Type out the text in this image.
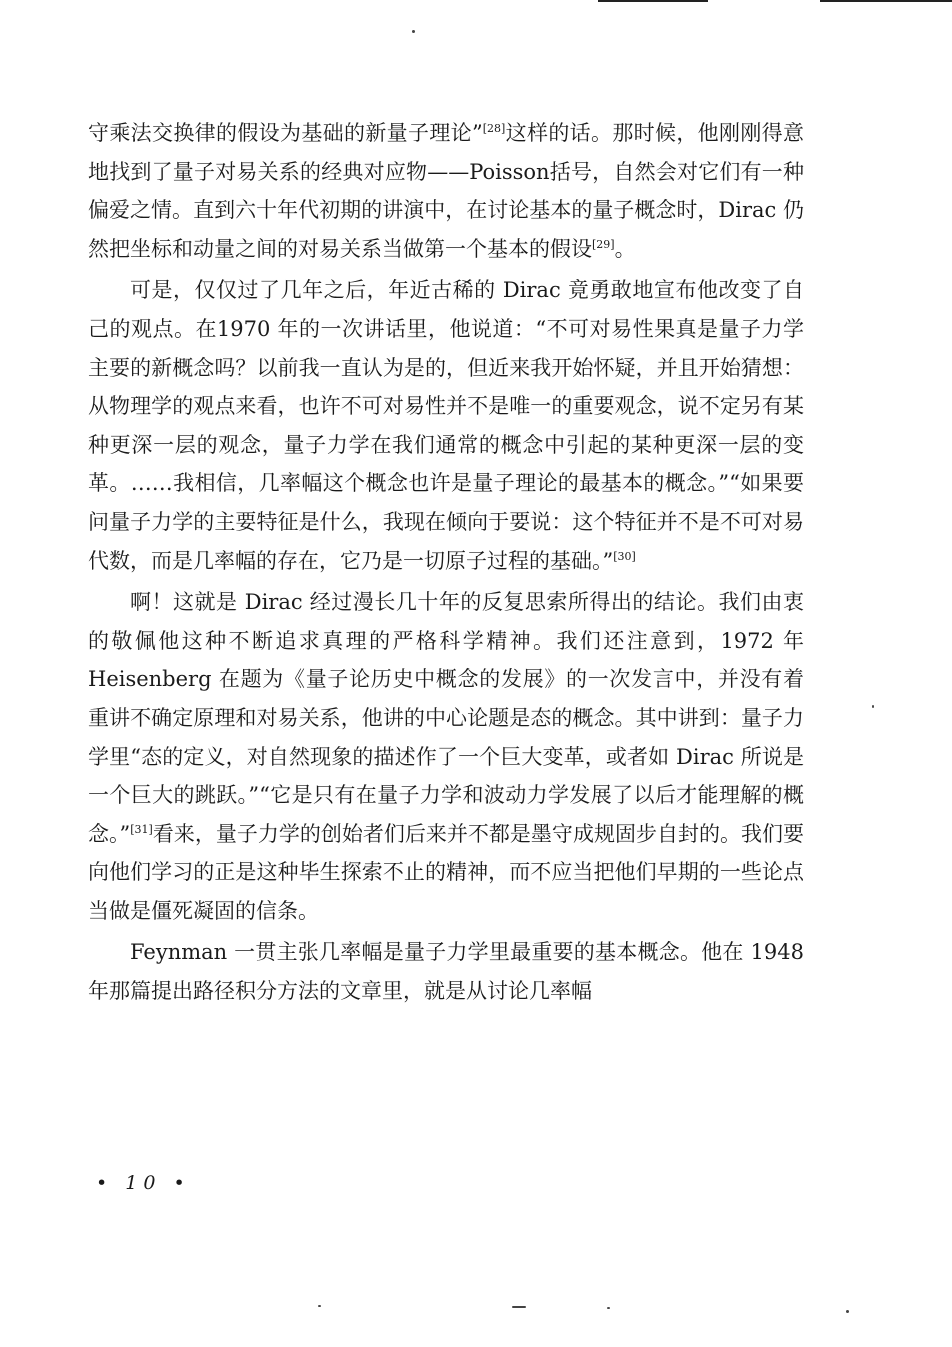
守乘法交换律的假设为基础的新量子理论”[28]这样的话。那时候，他刚刚得意地找到了量子对易关系的经典对应物——Poisson括号，自然会对它们有一种偏爱之情。直到六十年代初期的讲演中，在讨论基本的量子概念时，Dirac 仍然把坐标和动量之间的对易关系当做第一个基本的假设[29]。

可是，仅仅过了几年之后，年近古稀的 Dirac 竟勇敢地宣布他改变了自己的观点。在1970 年的一次讲话里，他说道：“不可对易性果真是量子力学主要的新概念吗？以前我一直认为是的，但近来我开始怀疑，并且开始猜想：从物理学的观点来看，也许不可对易性并不是唯一的重要观念，说不定另有某种更深一层的观念，量子力学在我们通常的概念中引起的某种更深一层的变革。……我相信，几率幅这个概念也许是量子理论的最基本的概念。”“如果要问量子力学的主要特征是什么，我现在倾向于要说：这个特征并不是不可对易代数，而是几率幅的存在，它乃是一切原子过程的基础。”[30]

啊！这就是 Dirac 经过漫长几十年的反复思索所得出的结论。我们由衷的敬佩他这种不断追求真理的严格科学精神。我们还注意到，1972 年 Heisenberg 在题为《量子论历史中概念的发展》的一次发言中，并没有着重讲不确定原理和对易关系，他讲的中心论题是态的概念。其中讲到：量子力学里“态的定义，对自然现象的描述作了一个巨大变革，或者如 Dirac 所说是一个巨大的跳跃。”“它是只有在量子力学和波动力学发展了以后才能理解的概念。”[31]看来，量子力学的创始者们后来并不都是墨守成规固步自封的。我们要向他们学习的正是这种毕生探索不止的精神，而不应当把他们早期的一些论点当做是僵死凝固的信条。

Feynman 一贯主张几率幅是量子力学里最重要的基本概念。他在 1948 年那篇提出路径积分方法的文章里，就是从讨论几率幅

• 10 •
